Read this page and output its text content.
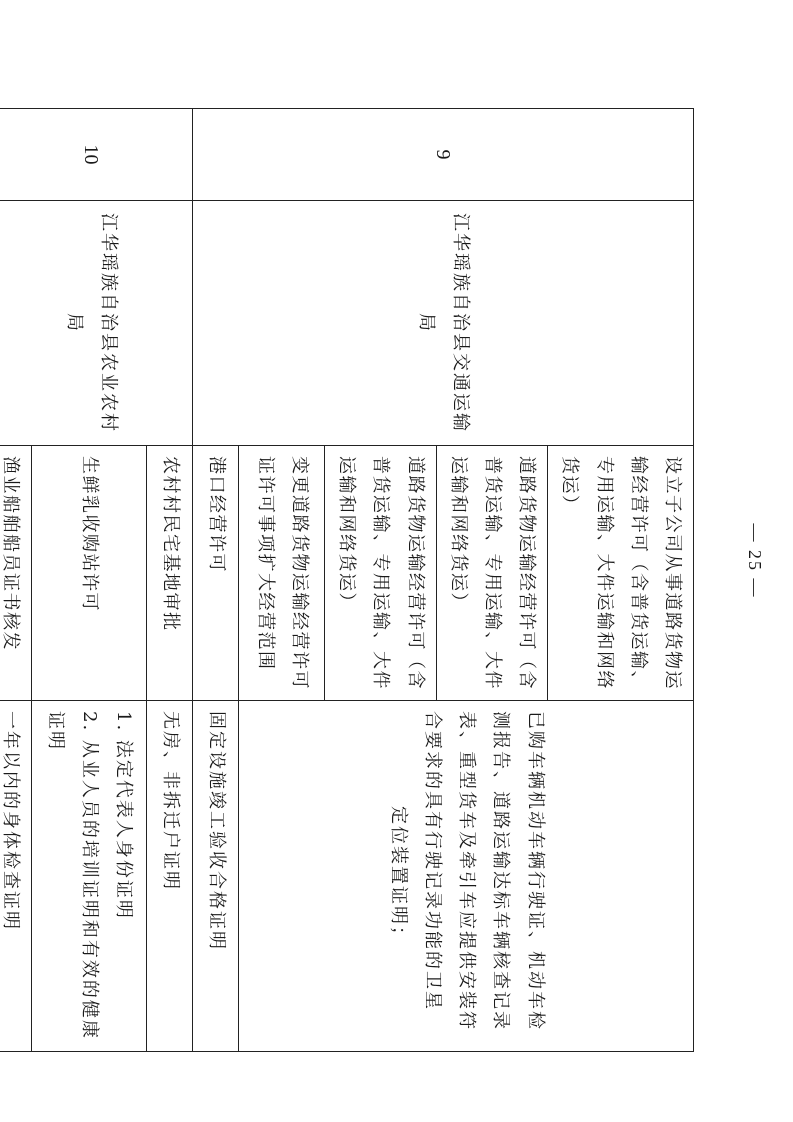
9	江华瑶族自治县交通运输局	设立子公司从事道路货物运输经营许可（含普货运输、专用运输、大件运输和网络货运）	已购车辆机动车辆行驶证、机动车检测报告、道路运输达标车辆核查记录表、重型货车及牵引车应提供安装符合要求的具有行驶记录功能的卫星
定位装置证明；

		道路货物运输经营许可（含普货运输、专用运输、大件运输和网络货运）	
		道路货物运输经营许可（含普货运输、专用运输、大件运输和网络货运）	
		变更道路货物运输经营许可证许可事项扩大经营范围	
		港口经营许可	固定设施竣工验收合格证明
10	江华瑶族自治县农业农村局	农村村民宅基地审批	无房、非拆迁户证明
		生鲜乳收购站许可	1. 法定代表人身份证明
2. 从业人员的培训证明和有效的健康证明

		渔业船舶船员证书核发	一年以内的身体检查证明
— 25 —
